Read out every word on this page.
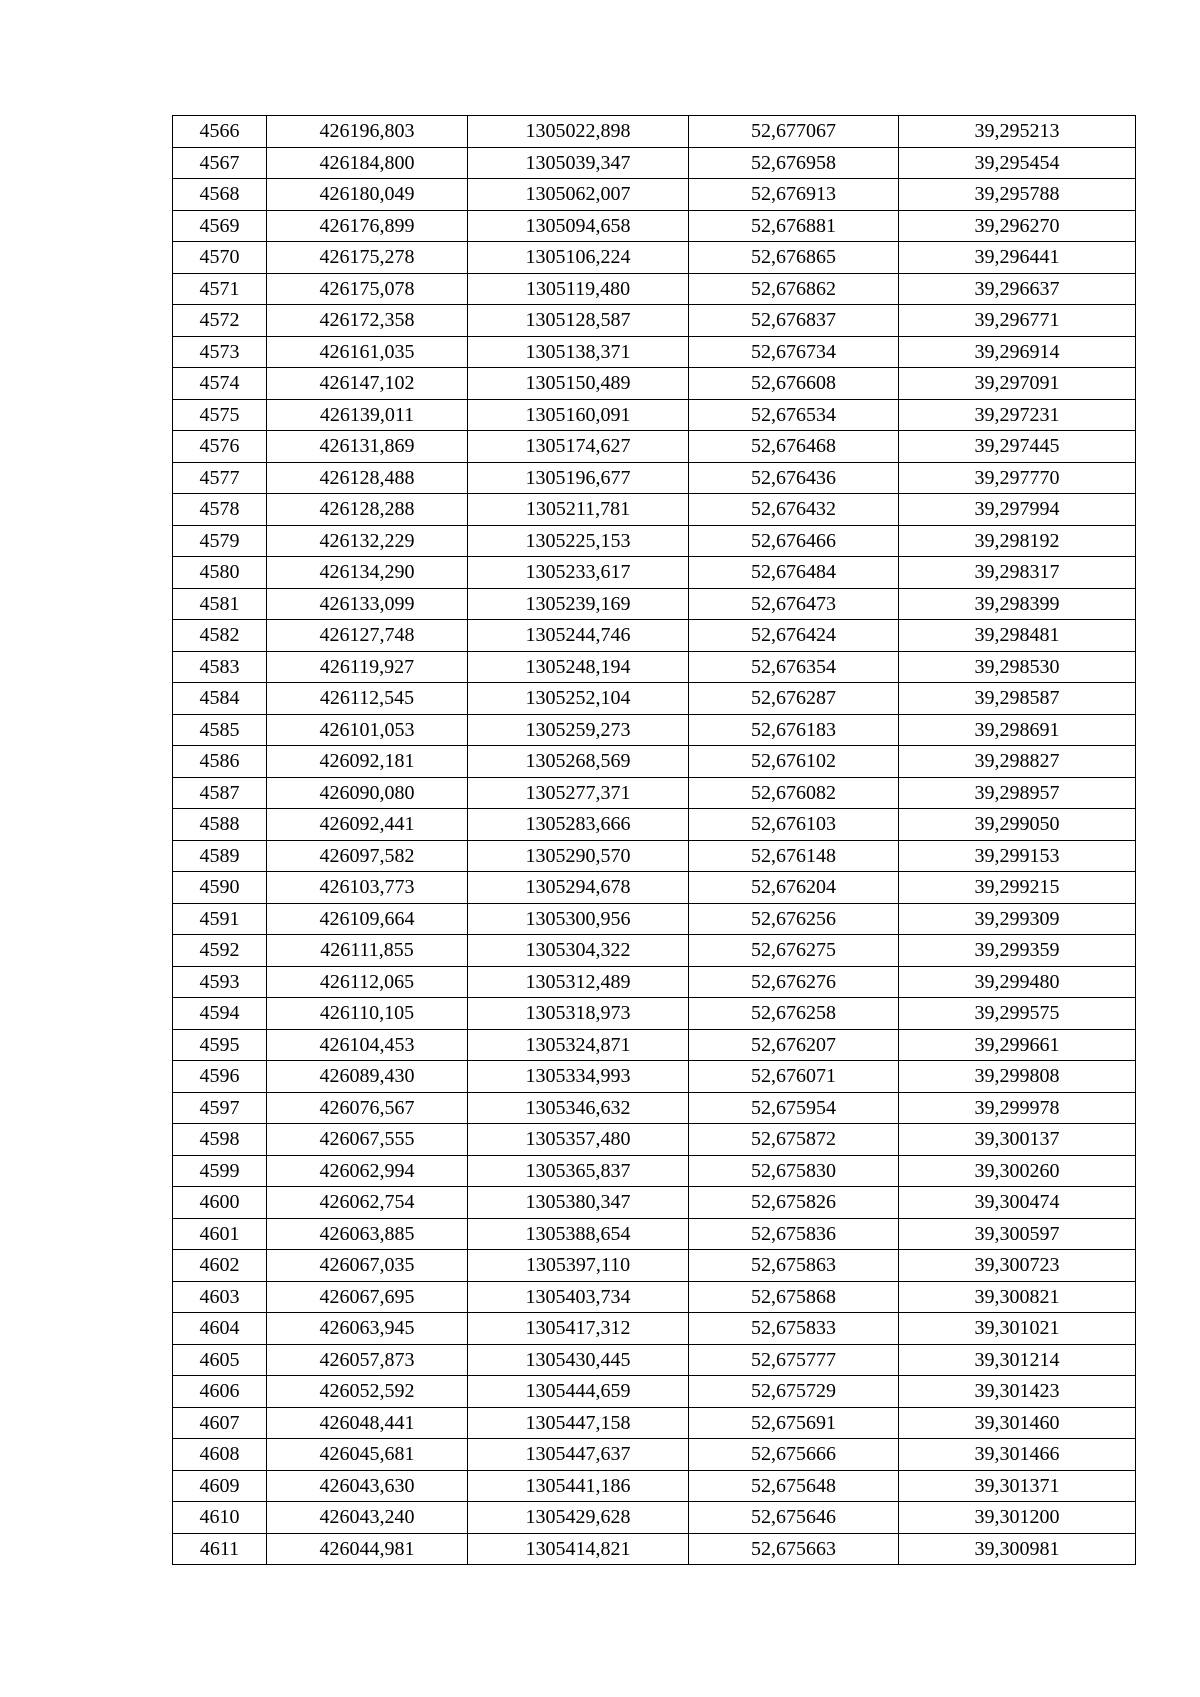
4566	426196,803	1305022,898	52,677067	39,295213
4567	426184,800	1305039,347	52,676958	39,295454
4568	426180,049	1305062,007	52,676913	39,295788
4569	426176,899	1305094,658	52,676881	39,296270
4570	426175,278	1305106,224	52,676865	39,296441
4571	426175,078	1305119,480	52,676862	39,296637
4572	426172,358	1305128,587	52,676837	39,296771
4573	426161,035	1305138,371	52,676734	39,296914
4574	426147,102	1305150,489	52,676608	39,297091
4575	426139,011	1305160,091	52,676534	39,297231
4576	426131,869	1305174,627	52,676468	39,297445
4577	426128,488	1305196,677	52,676436	39,297770
4578	426128,288	1305211,781	52,676432	39,297994
4579	426132,229	1305225,153	52,676466	39,298192
4580	426134,290	1305233,617	52,676484	39,298317
4581	426133,099	1305239,169	52,676473	39,298399
4582	426127,748	1305244,746	52,676424	39,298481
4583	426119,927	1305248,194	52,676354	39,298530
4584	426112,545	1305252,104	52,676287	39,298587
4585	426101,053	1305259,273	52,676183	39,298691
4586	426092,181	1305268,569	52,676102	39,298827
4587	426090,080	1305277,371	52,676082	39,298957
4588	426092,441	1305283,666	52,676103	39,299050
4589	426097,582	1305290,570	52,676148	39,299153
4590	426103,773	1305294,678	52,676204	39,299215
4591	426109,664	1305300,956	52,676256	39,299309
4592	426111,855	1305304,322	52,676275	39,299359
4593	426112,065	1305312,489	52,676276	39,299480
4594	426110,105	1305318,973	52,676258	39,299575
4595	426104,453	1305324,871	52,676207	39,299661
4596	426089,430	1305334,993	52,676071	39,299808
4597	426076,567	1305346,632	52,675954	39,299978
4598	426067,555	1305357,480	52,675872	39,300137
4599	426062,994	1305365,837	52,675830	39,300260
4600	426062,754	1305380,347	52,675826	39,300474
4601	426063,885	1305388,654	52,675836	39,300597
4602	426067,035	1305397,110	52,675863	39,300723
4603	426067,695	1305403,734	52,675868	39,300821
4604	426063,945	1305417,312	52,675833	39,301021
4605	426057,873	1305430,445	52,675777	39,301214
4606	426052,592	1305444,659	52,675729	39,301423
4607	426048,441	1305447,158	52,675691	39,301460
4608	426045,681	1305447,637	52,675666	39,301466
4609	426043,630	1305441,186	52,675648	39,301371
4610	426043,240	1305429,628	52,675646	39,301200
4611	426044,981	1305414,821	52,675663	39,300981
